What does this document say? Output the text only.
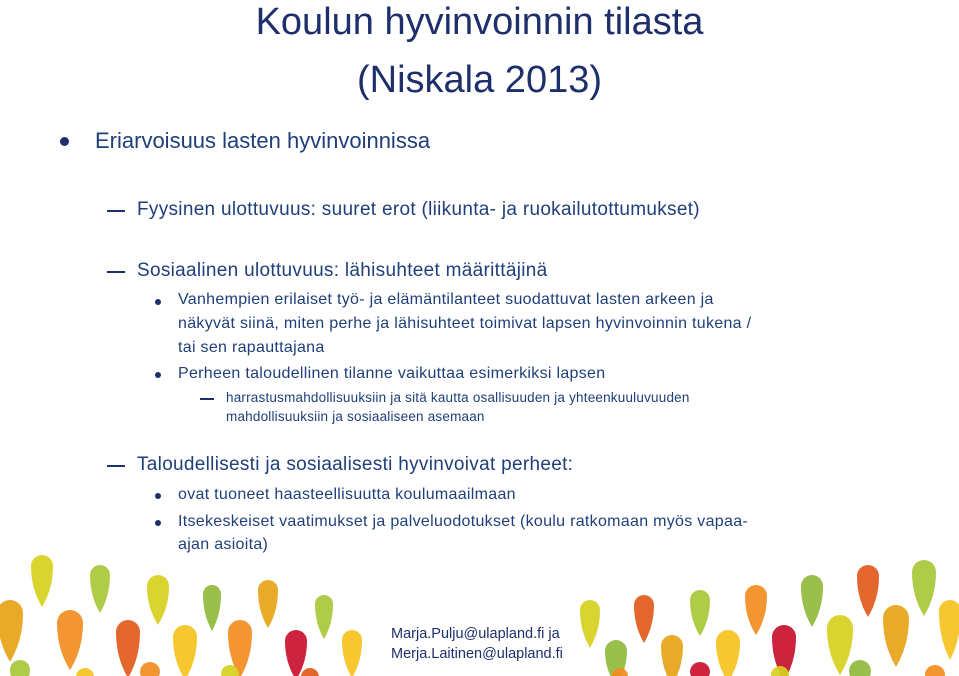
Koulun hyvinvoinnin tilasta
(Niskala 2013)
Eriarvoisuus lasten hyvinvoinnissa
Fyysinen ulottuvuus: suuret erot (liikunta- ja ruokailutottumukset)
Sosiaalinen ulottuvuus: lähisuhteet määrittäjinä
Vanhempien erilaiset työ- ja elämäntilanteet suodattuvat lasten arkeen ja
näkyvät siinä, miten perhe ja lähisuhteet toimivat lapsen hyvinvoinnin tukena /
tai sen rapauttajana
Perheen taloudellinen tilanne vaikuttaa esimerkiksi lapsen
harrastusmahdollisuuksiin ja sitä kautta osallisuuden ja yhteenkuuluvuuden
mahdollisuuksiin ja sosiaaliseen asemaan
Taloudellisesti ja sosiaalisesti hyvinvoivat perheet:
ovat tuoneet haasteellisuutta koulumaailmaan
Itsekeskeiset vaatimukset ja palveluodotukset (koulu ratkomaan myös vapaa-
ajan asioita)
Marja.Pulju@ulapland.fi ja
Merja.Laitinen@ulapland.fi
